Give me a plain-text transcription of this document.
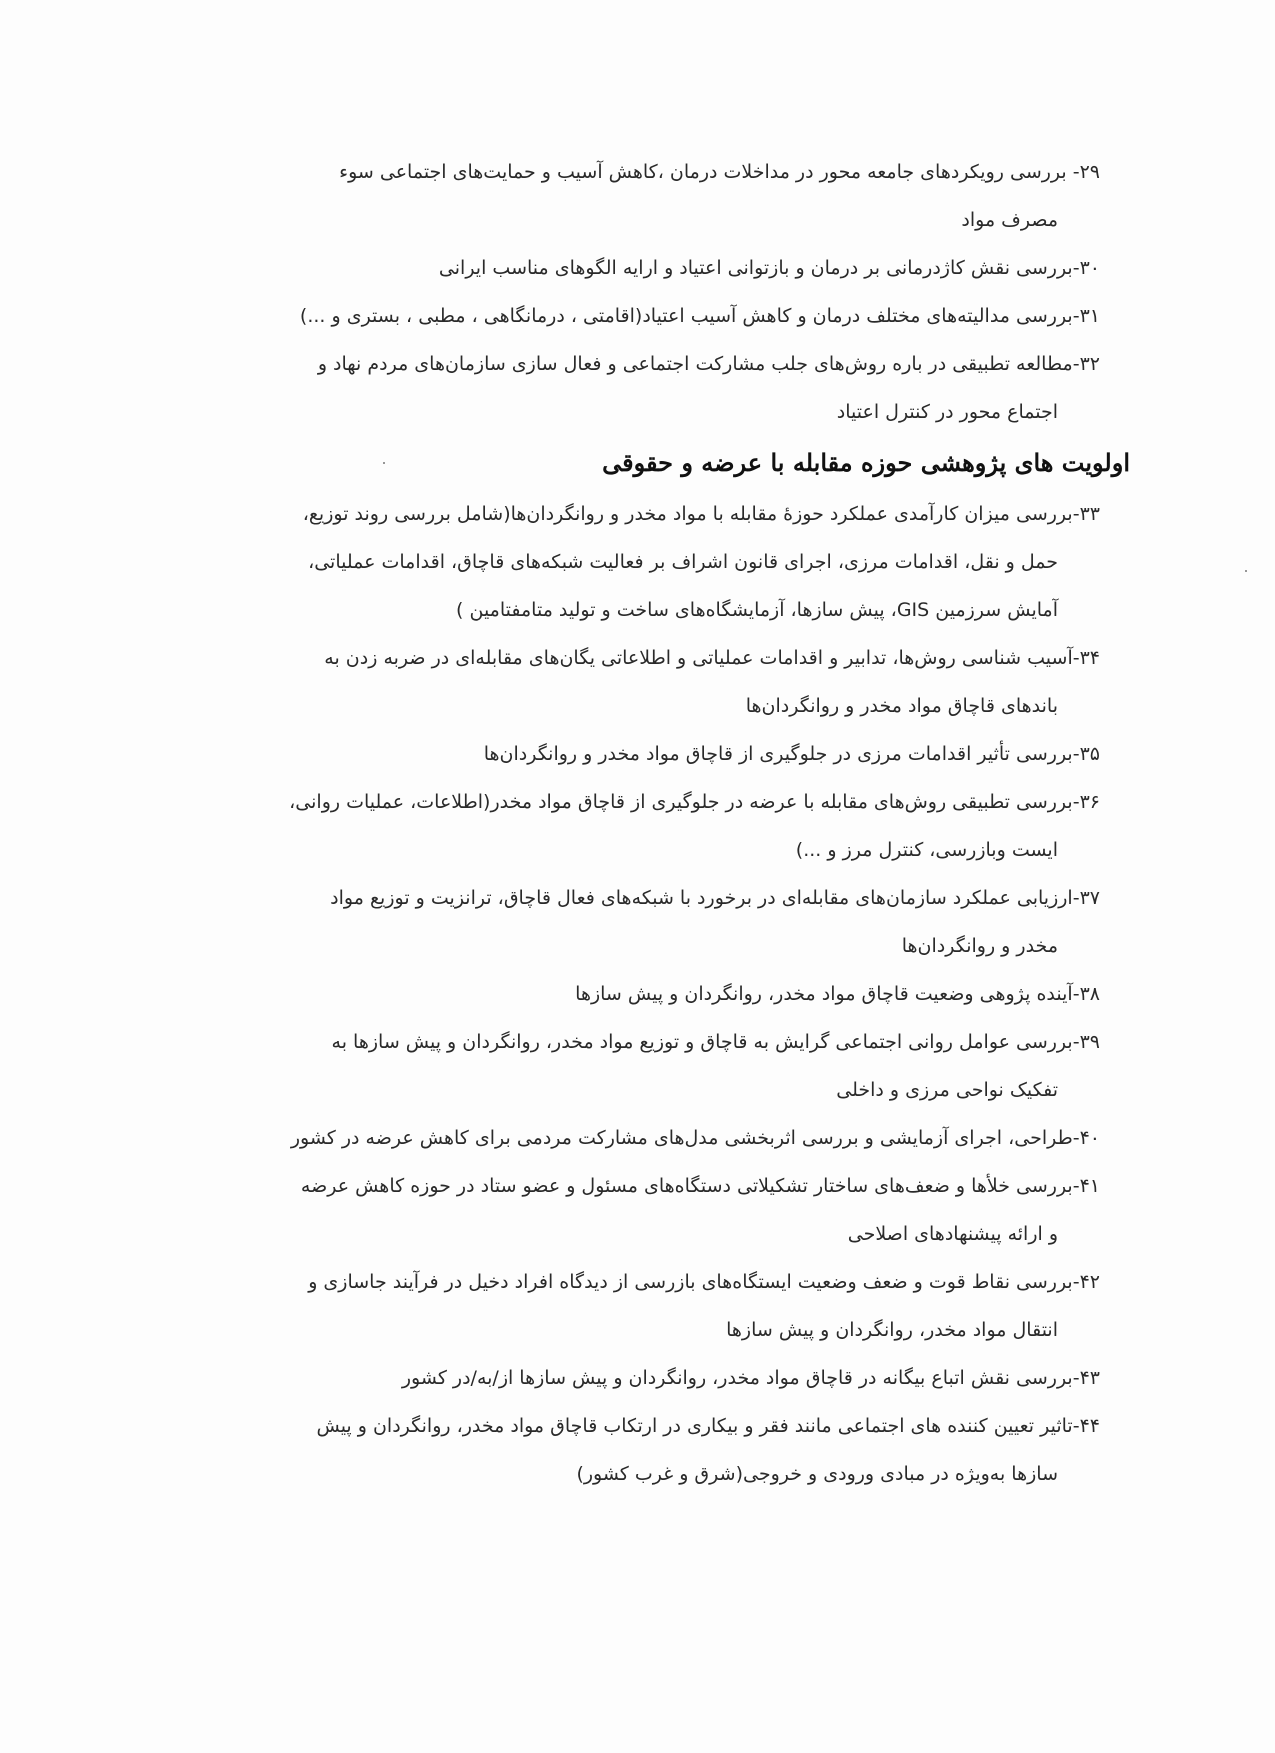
۲۹- بررسی رویکردهای جامعه محور در مداخلات درمان ،کاهش آسیب و حمایت‌های اجتماعی سوء
مصرف مواد
۳۰-بررسی نقش کاژدرمانی بر درمان و بازتوانی اعتیاد و ارایه الگوهای مناسب ایرانی
۳۱-بررسی مدالیته‌های مختلف درمان و کاهش آسیب اعتیاد(اقامتی ، درمانگاهی ، مطبی ، بستری و ...)
۳۲-مطالعه تطبیقی در باره روش‌های جلب مشارکت اجتماعی و فعال سازی سازمان‌های مردم نهاد و
اجتماع محور در کنترل اعتیاد
اولویت های پژوهشی حوزه مقابله با عرضه و حقوقی
۳۳-بررسی میزان کارآمدی عملکرد حوزهٔ مقابله با مواد مخدر و روانگردان‌ها(شامل بررسی روند توزیع،
حمل و نقل، اقدامات مرزی، اجرای قانون اشراف بر فعالیت شبکه‌های قاچاق، اقدامات عملیاتی،
آمایش سرزمین GIS، پیش سازها، آزمایشگاه‌های ساخت و تولید متامفتامین )
۳۴-آسیب شناسی روش‌ها، تدابیر و اقدامات عملیاتی و اطلاعاتی یگان‌های مقابله‌ای در ضربه زدن به
باندهای قاچاق مواد مخدر و روانگردان‌ها
۳۵-بررسی تأثیر اقدامات مرزی در جلوگیری از قاچاق مواد مخدر و روانگردان‌ها
۳۶-بررسی تطبیقی روش‌های مقابله با عرضه در جلوگیری از قاچاق مواد مخدر(اطلاعات، عملیات روانی،
ایست وبازرسی، کنترل مرز و ...)
۳۷-ارزیابی عملکرد سازمان‌های مقابله‌ای در برخورد با شبکه‌های فعال قاچاق، ترانزیت و توزیع مواد
مخدر و روانگردان‌ها
۳۸-آینده پژوهی وضعیت قاچاق مواد مخدر، روانگردان و پیش سازها
۳۹-بررسی عوامل روانی اجتماعی گرایش به قاچاق و توزیع مواد مخدر، روانگردان و پیش سازها به
تفکیک نواحی مرزی و داخلی
۴۰-طراحی، اجرای آزمایشی و بررسی اثربخشی مدل‌های مشارکت مردمی برای کاهش عرضه در کشور
۴۱-بررسی خلأها و ضعف‌های ساختار تشکیلاتی دستگاه‌های مسئول و عضو ستاد در حوزه کاهش عرضه
و ارائه پیشنهادهای اصلاحی
۴۲-بررسی نقاط قوت و ضعف وضعیت ایستگاه‌های بازرسی از دیدگاه افراد دخیل در فرآیند جاسازی و
انتقال مواد مخدر، روانگردان و پیش سازها
۴۳-بررسی نقش اتباع بیگانه در قاچاق مواد مخدر، روانگردان و پیش سازها از/به/در کشور
۴۴-تاثیر تعیین کننده های اجتماعی مانند فقر و بیکاری در ارتکاب قاچاق مواد مخدر، روانگردان و پیش
سازها به‌ویژه در مبادی ورودی و خروجی(شرق و غرب کشور)
